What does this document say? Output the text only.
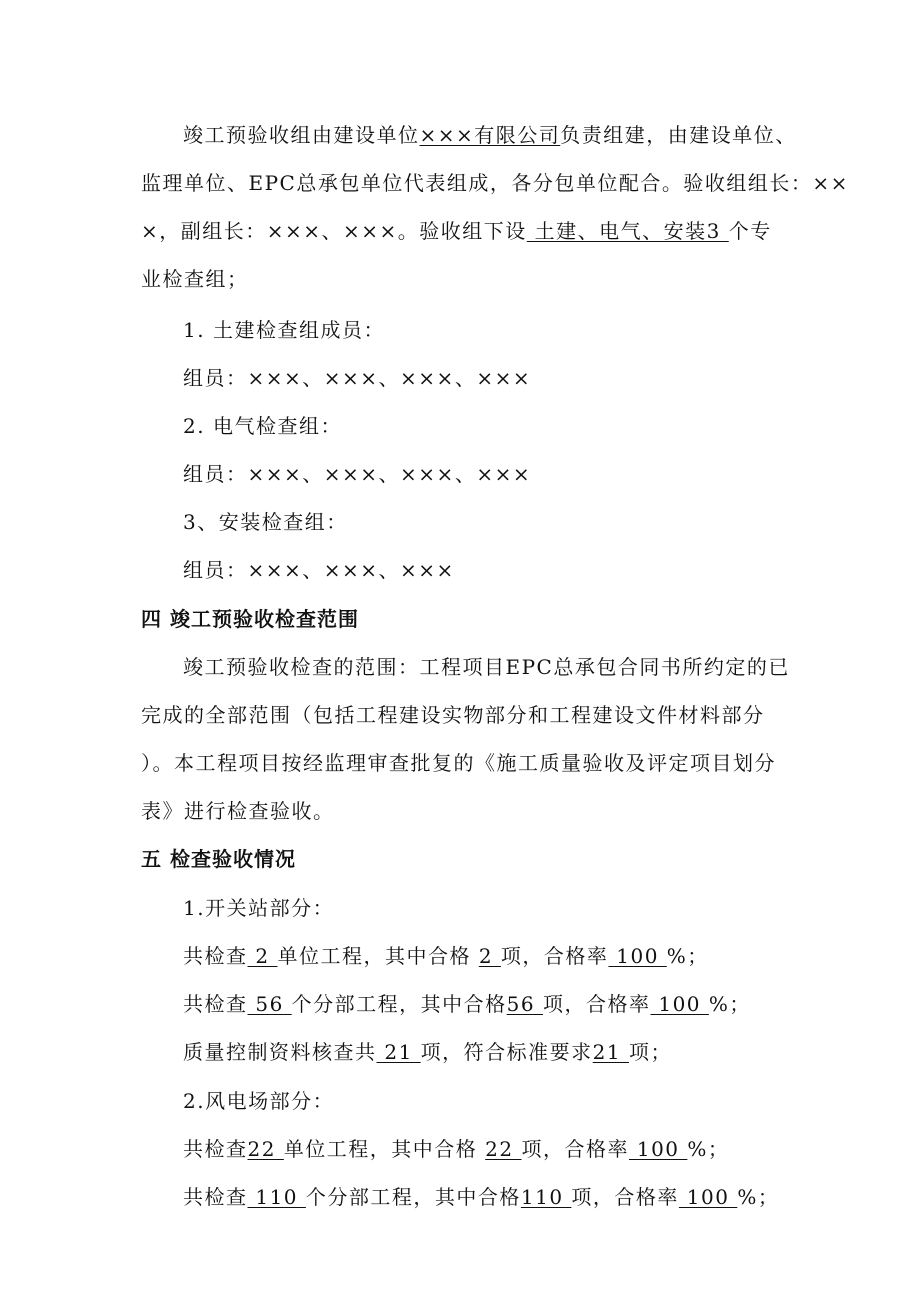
竣工预验收组由建设单位×××有限公司负责组建，由建设单位、
监理单位、EPC总承包单位代表组成，各分包单位配合。验收组组长：××
×，副组长：×××、×××。验收组下设 土建、电气、安装3 个专
业检查组；
1. 土建检查组成员：
组员：×××、×××、×××、×××
2. 电气检查组：
组员：×××、×××、×××、×××
3、安装检查组：
组员：×××、×××、×××
四 竣工预验收检查范围
竣工预验收检查的范围：工程项目EPC总承包合同书所约定的已
完成的全部范围（包括工程建设实物部分和工程建设文件材料部分
）。本工程项目按经监理审查批复的《施工质量验收及评定项目划分
表》进行检查验收。
五 检查验收情况
1.开关站部分：
共检查 2 单位工程，其中合格 2 项，合格率 100 %；
共检查 56 个分部工程，其中合格56 项，合格率 100 %；
质量控制资料核查共 21 项，符合标准要求21 项；
2.风电场部分：
共检查22 单位工程，其中合格 22 项，合格率 100 %；
共检查 110 个分部工程，其中合格110 项，合格率 100 %；
